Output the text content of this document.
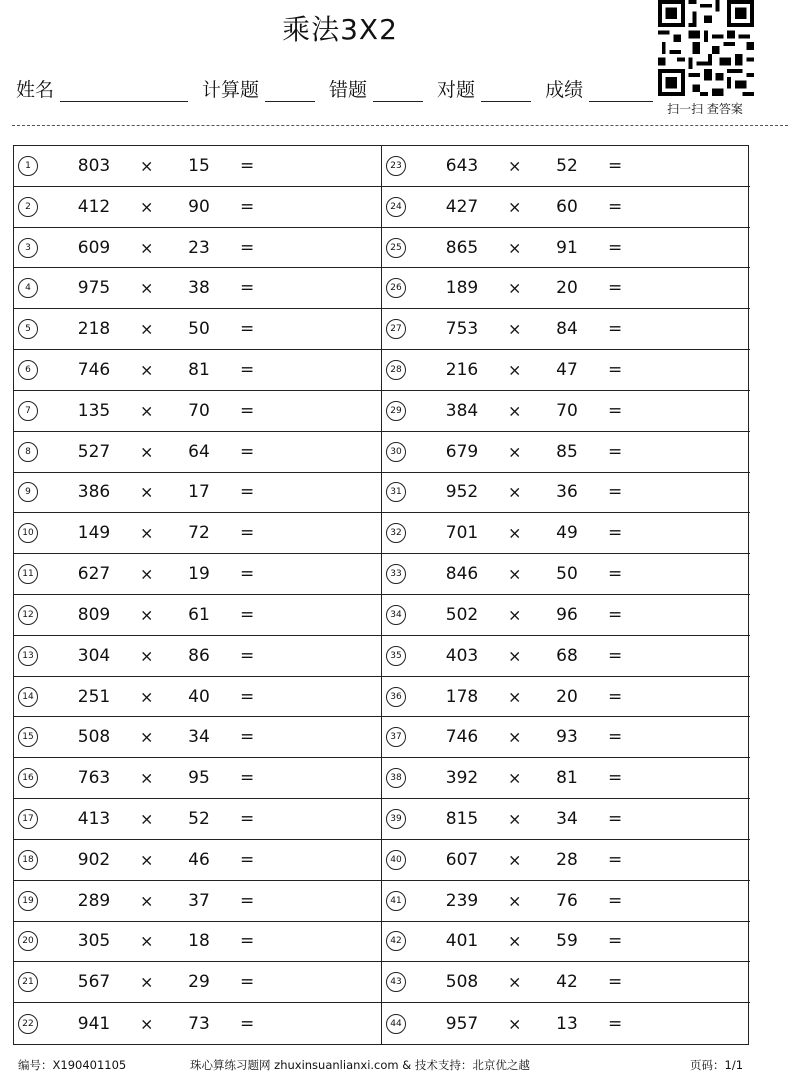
乘法3X2
姓名	计算题	错题	对题	成绩
扫一扫 查答案
1	803 × 15 =
2	412 × 90 =
3	609 × 23 =
4	975 × 38 =
5	218 × 50 =
6	746 × 81 =
7	135 × 70 =
8	527 × 64 =
9	386 × 17 =
10	149 × 72 =
11	627 × 19 =
12	809 × 61 =
13	304 × 86 =
14	251 × 40 =
15	508 × 34 =
16	763 × 95 =
17	413 × 52 =
18	902 × 46 =
19	289 × 37 =
20	305 × 18 =
21	567 × 29 =
22	941 × 73 =
23	643 × 52 =
24	427 × 60 =
25	865 × 91 =
26	189 × 20 =
27	753 × 84 =
28	216 × 47 =
29	384 × 70 =
30	679 × 85 =
31	952 × 36 =
32	701 × 49 =
33	846 × 50 =
34	502 × 96 =
35	403 × 68 =
36	178 × 20 =
37	746 × 93 =
38	392 × 81 =
39	815 × 34 =
40	607 × 28 =
41	239 × 76 =
42	401 × 59 =
43	508 × 42 =
44	957 × 13 =
编号：X190401105	珠心算练习题网 zhuxinsuanlianxi.com & 技术支持：北京优之越	页码：1/1
